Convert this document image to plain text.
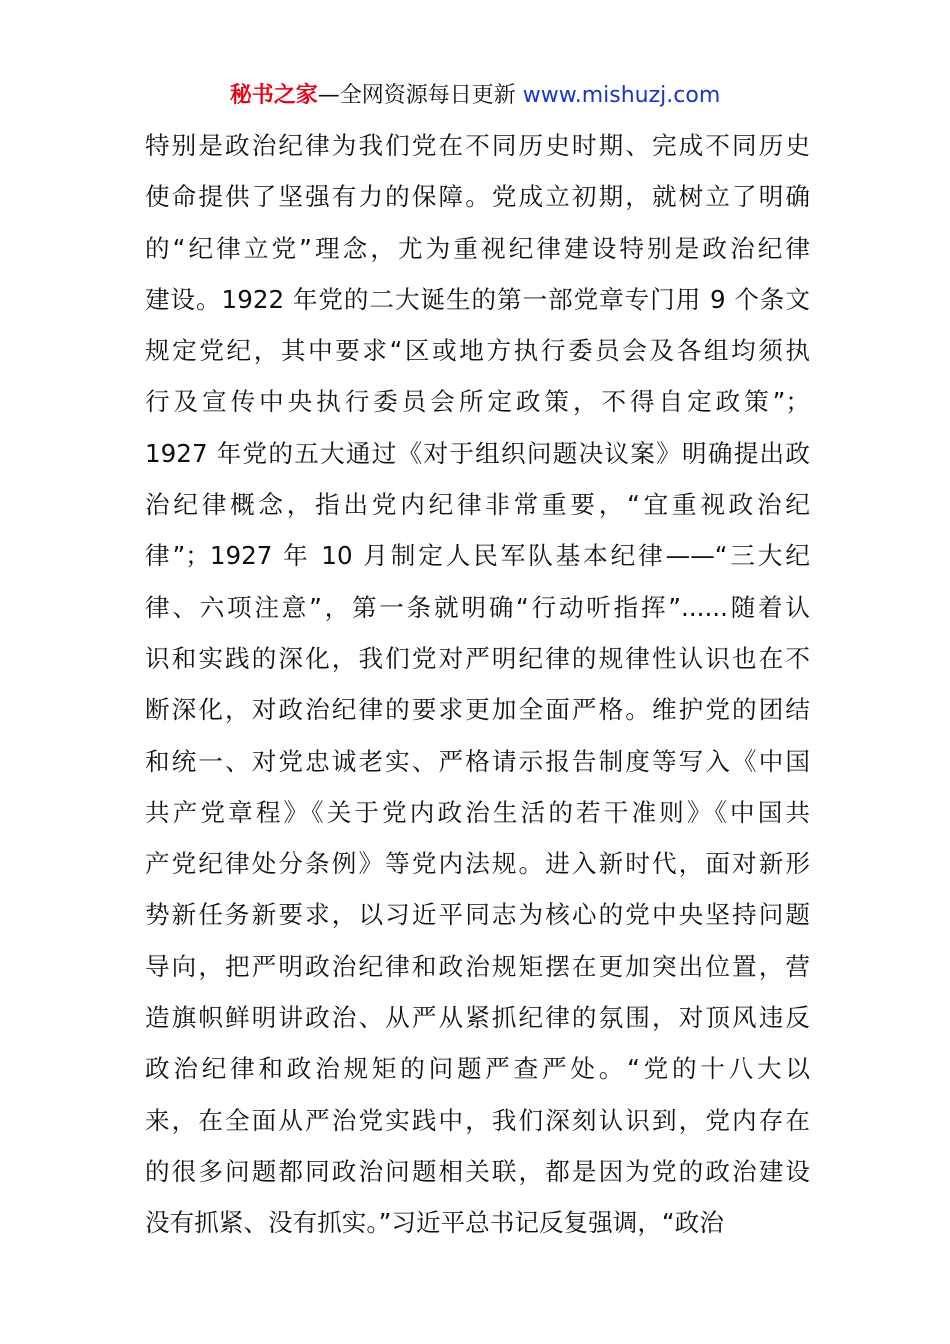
秘书之家—全网资源每日更新 www.mishuzj.com
特别是政治纪律为我们党在不同历史时期、完成不同历史
使命提供了坚强有力的保障。党成立初期，就树立了明确
的“纪律立党”理念，尤为重视纪律建设特别是政治纪律
建设。1922 年党的二大诞生的第一部党章专门用 9 个条文
规定党纪，其中要求“区或地方执行委员会及各组均须执
行及宣传中央执行委员会所定政策，不得自定政策”；
1927 年党的五大通过《对于组织问题决议案》明确提出政
治纪律概念，指出党内纪律非常重要，“宜重视政治纪
律”；1927 年 10 月制定人民军队基本纪律——“三大纪
律、六项注意”，第一条就明确“行动听指挥”......随着认
识和实践的深化，我们党对严明纪律的规律性认识也在不
断深化，对政治纪律的要求更加全面严格。维护党的团结
和统一、对党忠诚老实、严格请示报告制度等写入《中国
共产党章程》《关于党内政治生活的若干准则》《中国共
产党纪律处分条例》等党内法规。进入新时代，面对新形
势新任务新要求，以习近平同志为核心的党中央坚持问题
导向，把严明政治纪律和政治规矩摆在更加突出位置，营
造旗帜鲜明讲政治、从严从紧抓纪律的氛围，对顶风违反
政治纪律和政治规矩的问题严查严处。“党的十八大以
来，在全面从严治党实践中，我们深刻认识到，党内存在
的很多问题都同政治问题相关联，都是因为党的政治建设
没有抓紧、没有抓实。”习近平总书记反复强调，“政治
